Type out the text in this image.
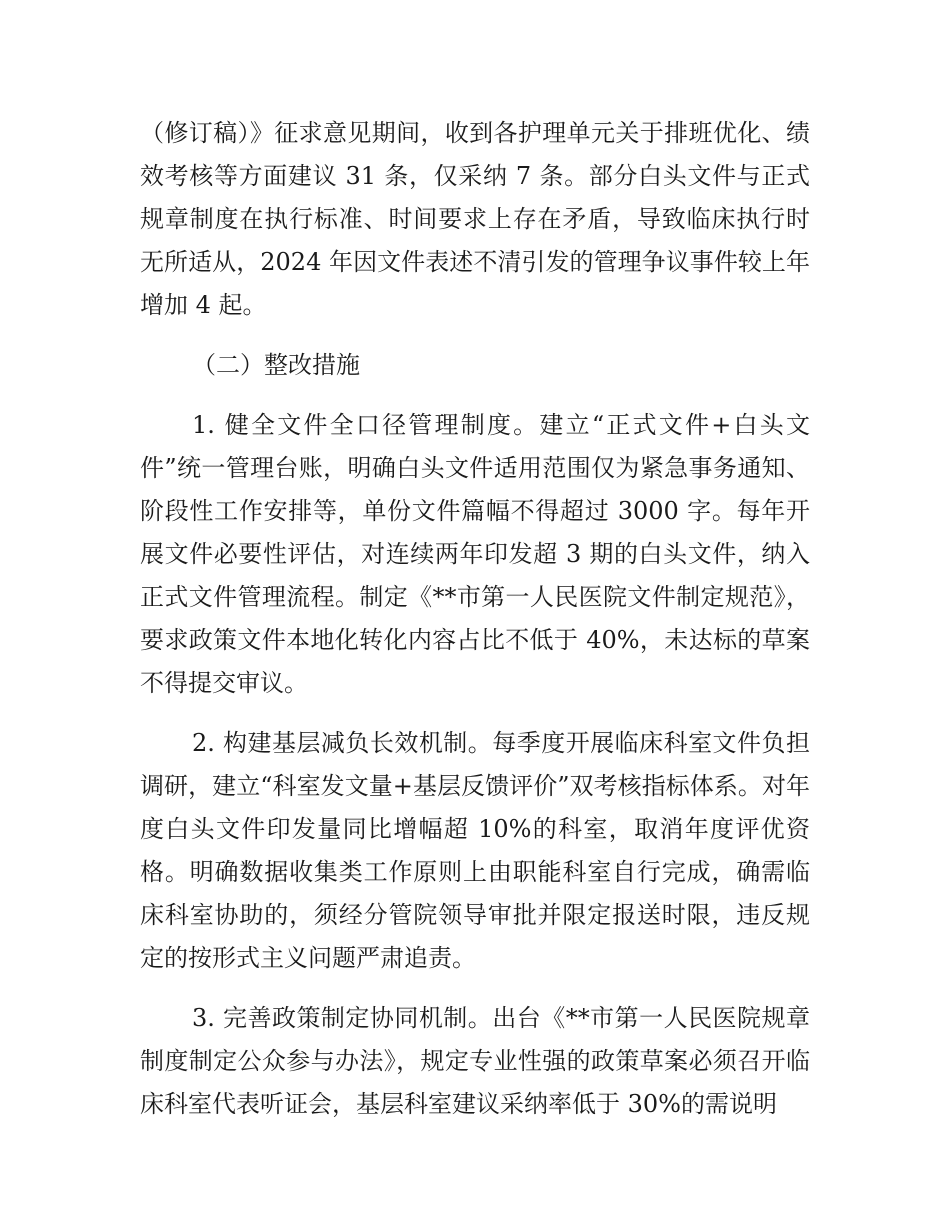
（修订稿）》征求意见期间，收到各护理单元关于排班优化、绩效考核等方面建议 31 条，仅采纳 7 条。部分白头文件与正式规章制度在执行标准、时间要求上存在矛盾，导致临床执行时无所适从，2024 年因文件表述不清引发的管理争议事件较上年增加 4 起。

（二）整改措施

1. 健全文件全口径管理制度。建立“正式文件+白头文件”统一管理台账，明确白头文件适用范围仅为紧急事务通知、阶段性工作安排等，单份文件篇幅不得超过 3000 字。每年开展文件必要性评估，对连续两年印发超 3 期的白头文件，纳入正式文件管理流程。制定《**市第一人民医院文件制定规范》，要求政策文件本地化转化内容占比不低于 40%，未达标的草案不得提交审议。

2. 构建基层减负长效机制。每季度开展临床科室文件负担调研，建立“科室发文量+基层反馈评价”双考核指标体系。对年度白头文件印发量同比增幅超 10%的科室，取消年度评优资格。明确数据收集类工作原则上由职能科室自行完成，确需临床科室协助的，须经分管院领导审批并限定报送时限，违反规定的按形式主义问题严肃追责。

3. 完善政策制定协同机制。出台《**市第一人民医院规章制度制定公众参与办法》，规定专业性强的政策草案必须召开临床科室代表听证会，基层科室建议采纳率低于 30%的需说明
